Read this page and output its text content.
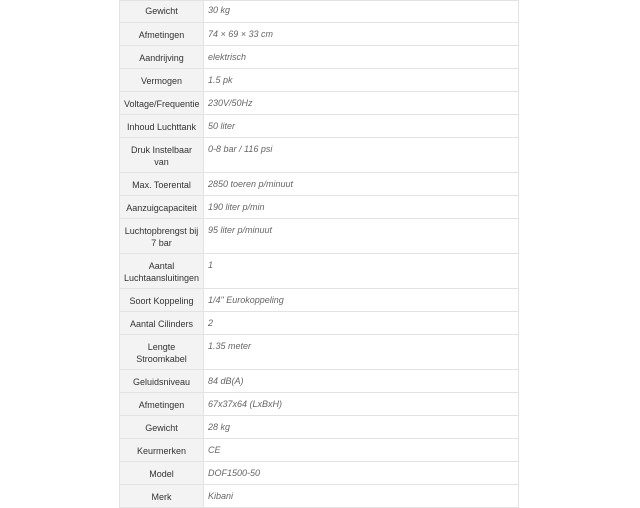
Gewicht	30 kg
Afmetingen	74 × 69 × 33 cm
Aandrijving	elektrisch
Vermogen	1.5 pk
Voltage/Frequentie	230V/50Hz
Inhoud Luchttank	50 liter
Druk Instelbaar van	0-8 bar / 116 psi
Max. Toerental	2850 toeren p/minuut
Aanzuigcapaciteit	190 liter p/min
Luchtopbrengst bij 7 bar	95 liter p/minuut
Aantal Luchtaansluitingen	1
Soort Koppeling	1/4" Eurokoppeling
Aantal Cilinders	2
Lengte Stroomkabel	1.35 meter
Geluidsniveau	84 dB(A)
Afmetingen	67x37x64 (LxBxH)
Gewicht	28 kg
Keurmerken	CE
Model	DOF1500-50
Merk	Kibani
